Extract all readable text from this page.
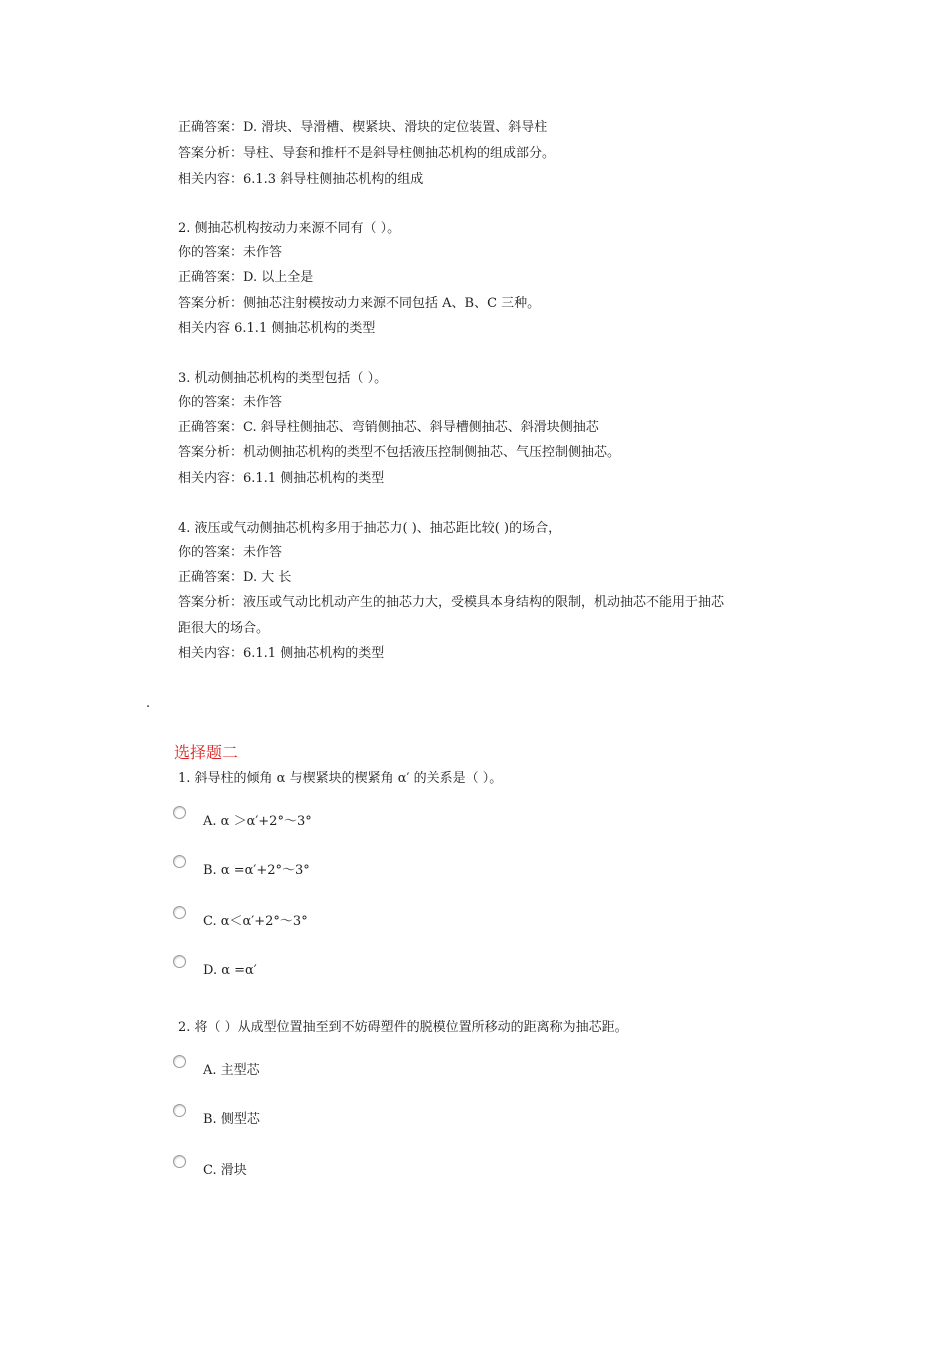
正确答案：D. 滑块、导滑槽、楔紧块、滑块的定位装置、斜导柱

答案分析：导柱、导套和推杆不是斜导柱侧抽芯机构的组成部分。

相关内容：6.1.3 斜导柱侧抽芯机构的组成

2. 侧抽芯机构按动力来源不同有（ ）。

你的答案：未作答

正确答案：D. 以上全是

答案分析：侧抽芯注射模按动力来源不同包括 A、B、C 三种。

相关内容 6.1.1 侧抽芯机构的类型

3. 机动侧抽芯机构的类型包括（ ）。

你的答案：未作答

正确答案：C. 斜导柱侧抽芯、弯销侧抽芯、斜导槽侧抽芯、斜滑块侧抽芯

答案分析：机动侧抽芯机构的类型不包括液压控制侧抽芯、气压控制侧抽芯。

相关内容：6.1.1 侧抽芯机构的类型

4. 液压或气动侧抽芯机构多用于抽芯力( )、抽芯距比较( )的场合，

你的答案：未作答

正确答案：D. 大 长

答案分析：液压或气动比机动产生的抽芯力大，受模具本身结构的限制，机动抽芯不能用于抽芯

距很大的场合。

相关内容：6.1.1 侧抽芯机构的类型

.
选择题二

1. 斜导柱的倾角 α 与楔紧块的楔紧角 α′ 的关系是（ ）。

A. α ＞α′+2°～3°
B. α =α′+2°～3°
C. α＜α′+2°～3°
D. α =α′

2. 将（ ）从成型位置抽至到不妨碍塑件的脱模位置所移动的距离称为抽芯距。

A. 主型芯
B. 侧型芯
C. 滑块
